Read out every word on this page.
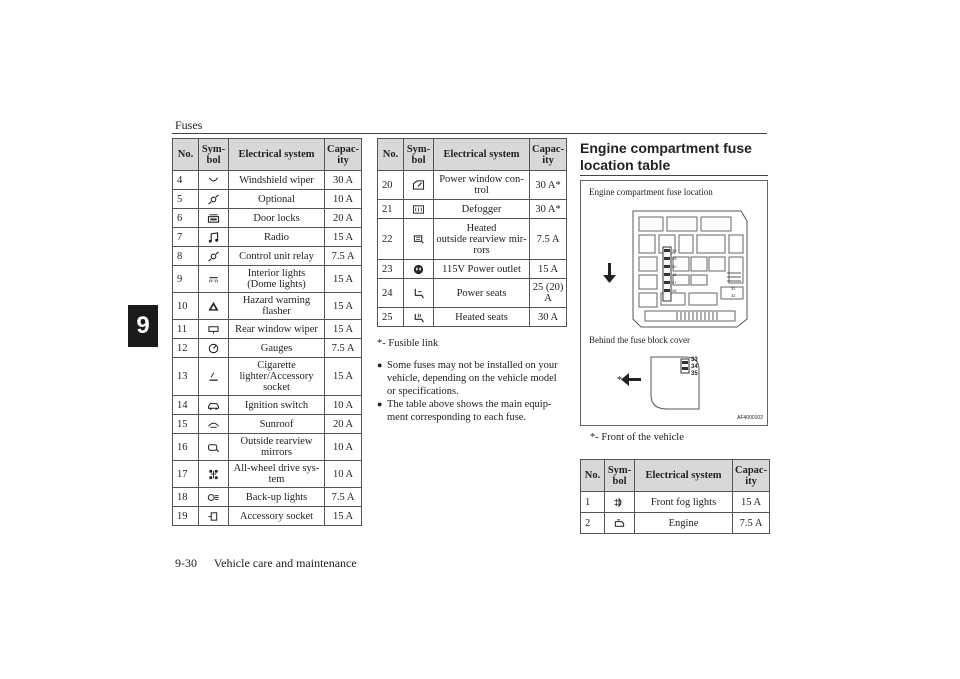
Fuses
9
No.	Sym-
bol	Electrical system	Capac-
ity
4		Windshield wiper	30 A
5		Optional	10 A
6		Door locks	20 A
7		Radio	15 A
8		Control unit relay	7.5 A
9		Interior lights
(Dome lights)	15 A
10		Hazard warning
flasher	15 A
11		Rear window wiper	15 A
12		Gauges	7.5 A
13		Cigarette
lighter/Accessory
socket	15 A
14		Ignition switch	10 A
15		Sunroof	20 A
16		Outside rearview
mirrors	10 A
17		All-wheel drive sys-
tem	10 A
18		Back-up lights	7.5 A
19		Accessory socket	15 A
No.	Sym-
bol	Electrical system	Capac-
ity
20		Power window con-
trol	30 A*
21		Defogger	30 A*
22		Heated
outside rearview mir-
rors	7.5 A
23		115V Power outlet	15 A
24		Power seats	25 (20)
A
25		Heated seats	30 A
*- Fusible link
● Some fuses may not be installed on your vehicle, depending on the vehicle model or specifications.
● The table above shows the main equip- ment corresponding to each fuse.
Engine compartment fuse location table
Engine compartment fuse location
*
*
Behind the fuse block cover
36
29
30
26
27
28	31
32
33
34
35
AF4000102
*- Front of the vehicle
No.	Sym-
bol	Electrical system	Capac-
ity
1		Front fog lights	15 A
2		Engine	7.5 A
9-30 Vehicle care and maintenance
